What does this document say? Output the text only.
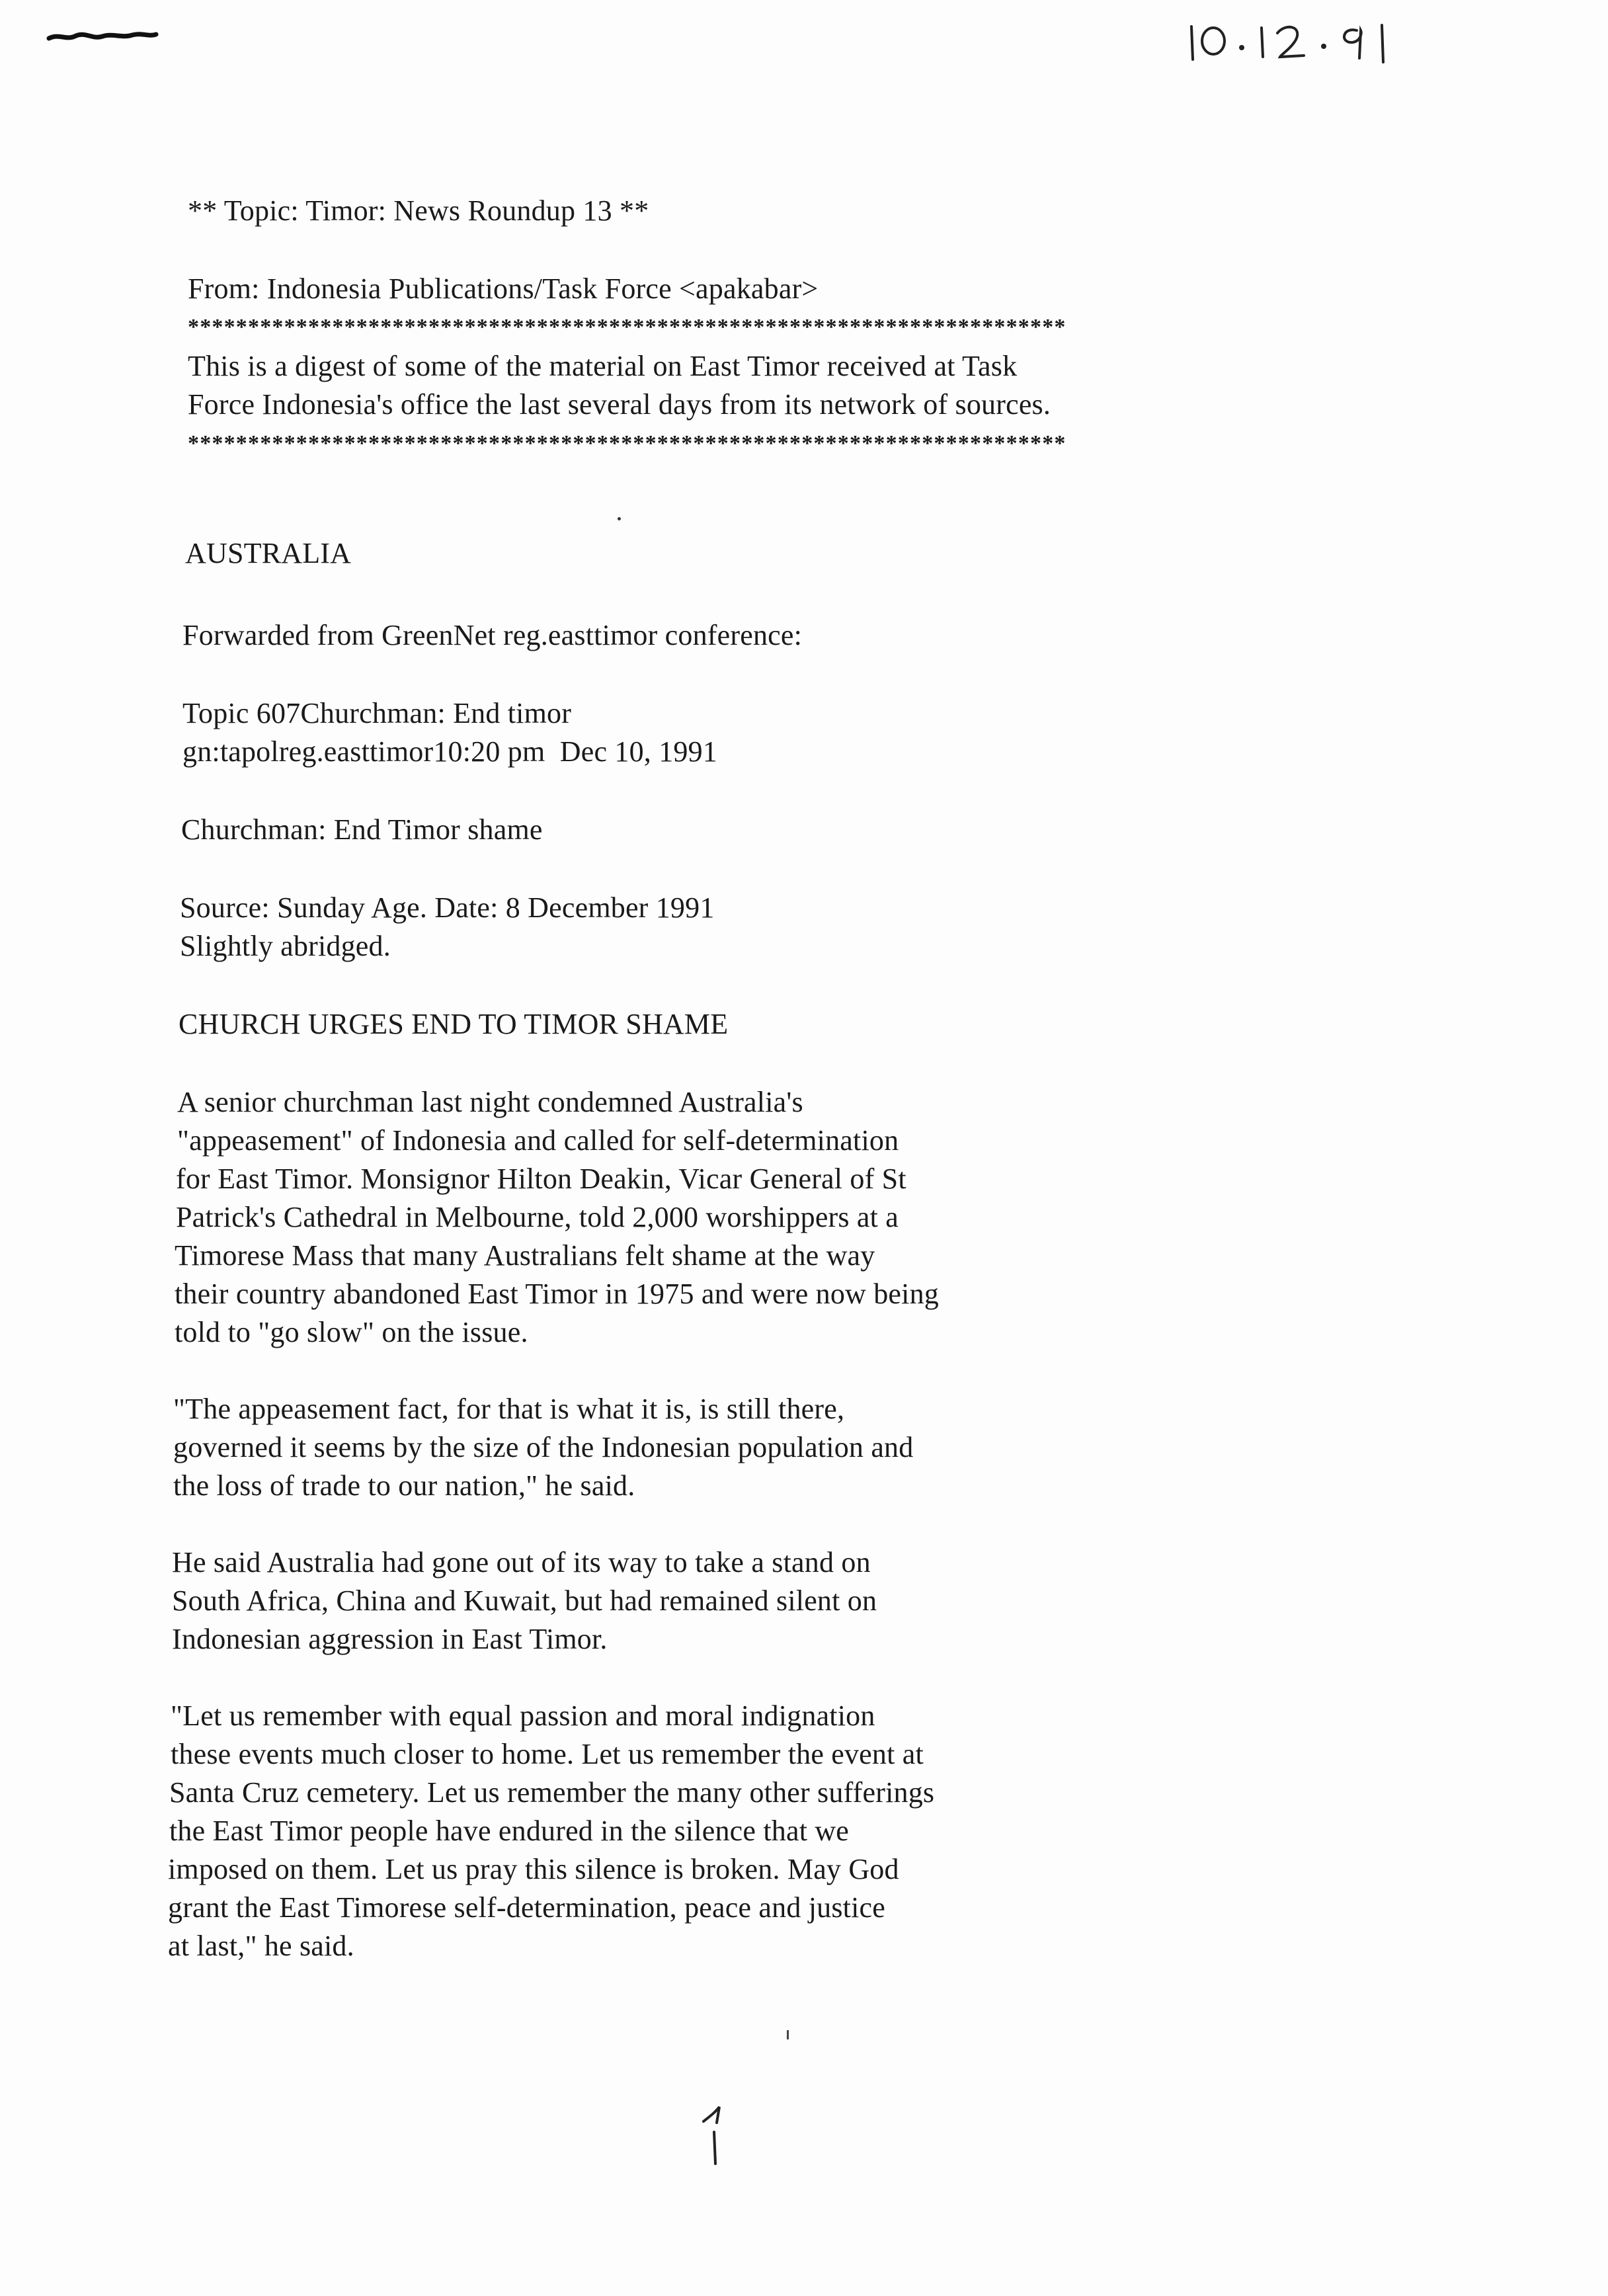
** Topic: Timor: News Roundup 13 **
From: Indonesia Publications/Task Force <apakabar>
*************************************************************************
This is a digest of some of the material on East Timor received at Task
Force Indonesia's office the last several days from its network of sources.
*************************************************************************
AUSTRALIA
Forwarded from GreenNet reg.easttimor conference:
Topic 607Churchman: End timor
gn:tapolreg.easttimor10:20 pm  Dec 10, 1991
Churchman: End Timor shame
Source: Sunday Age. Date: 8 December 1991
Slightly abridged.
CHURCH URGES END TO TIMOR SHAME
A senior churchman last night condemned Australia's
"appeasement" of Indonesia and called for self-determination
for East Timor. Monsignor Hilton Deakin, Vicar General of St
Patrick's Cathedral in Melbourne, told 2,000 worshippers at a
Timorese Mass that many Australians felt shame at the way
their country abandoned East Timor in 1975 and were now being
told to "go slow" on the issue.
"The appeasement fact, for that is what it is, is still there,
governed it seems by the size of the Indonesian population and
the loss of trade to our nation," he said.
He said Australia had gone out of its way to take a stand on
South Africa, China and Kuwait, but had remained silent on
Indonesian aggression in East Timor.
"Let us remember with equal passion and moral indignation
these events much closer to home. Let us remember the event at
Santa Cruz cemetery. Let us remember the many other sufferings
the East Timor people have endured in the silence that we
imposed on them. Let us pray this silence is broken. May God
grant the East Timorese self-determination, peace and justice
at last," he said.
